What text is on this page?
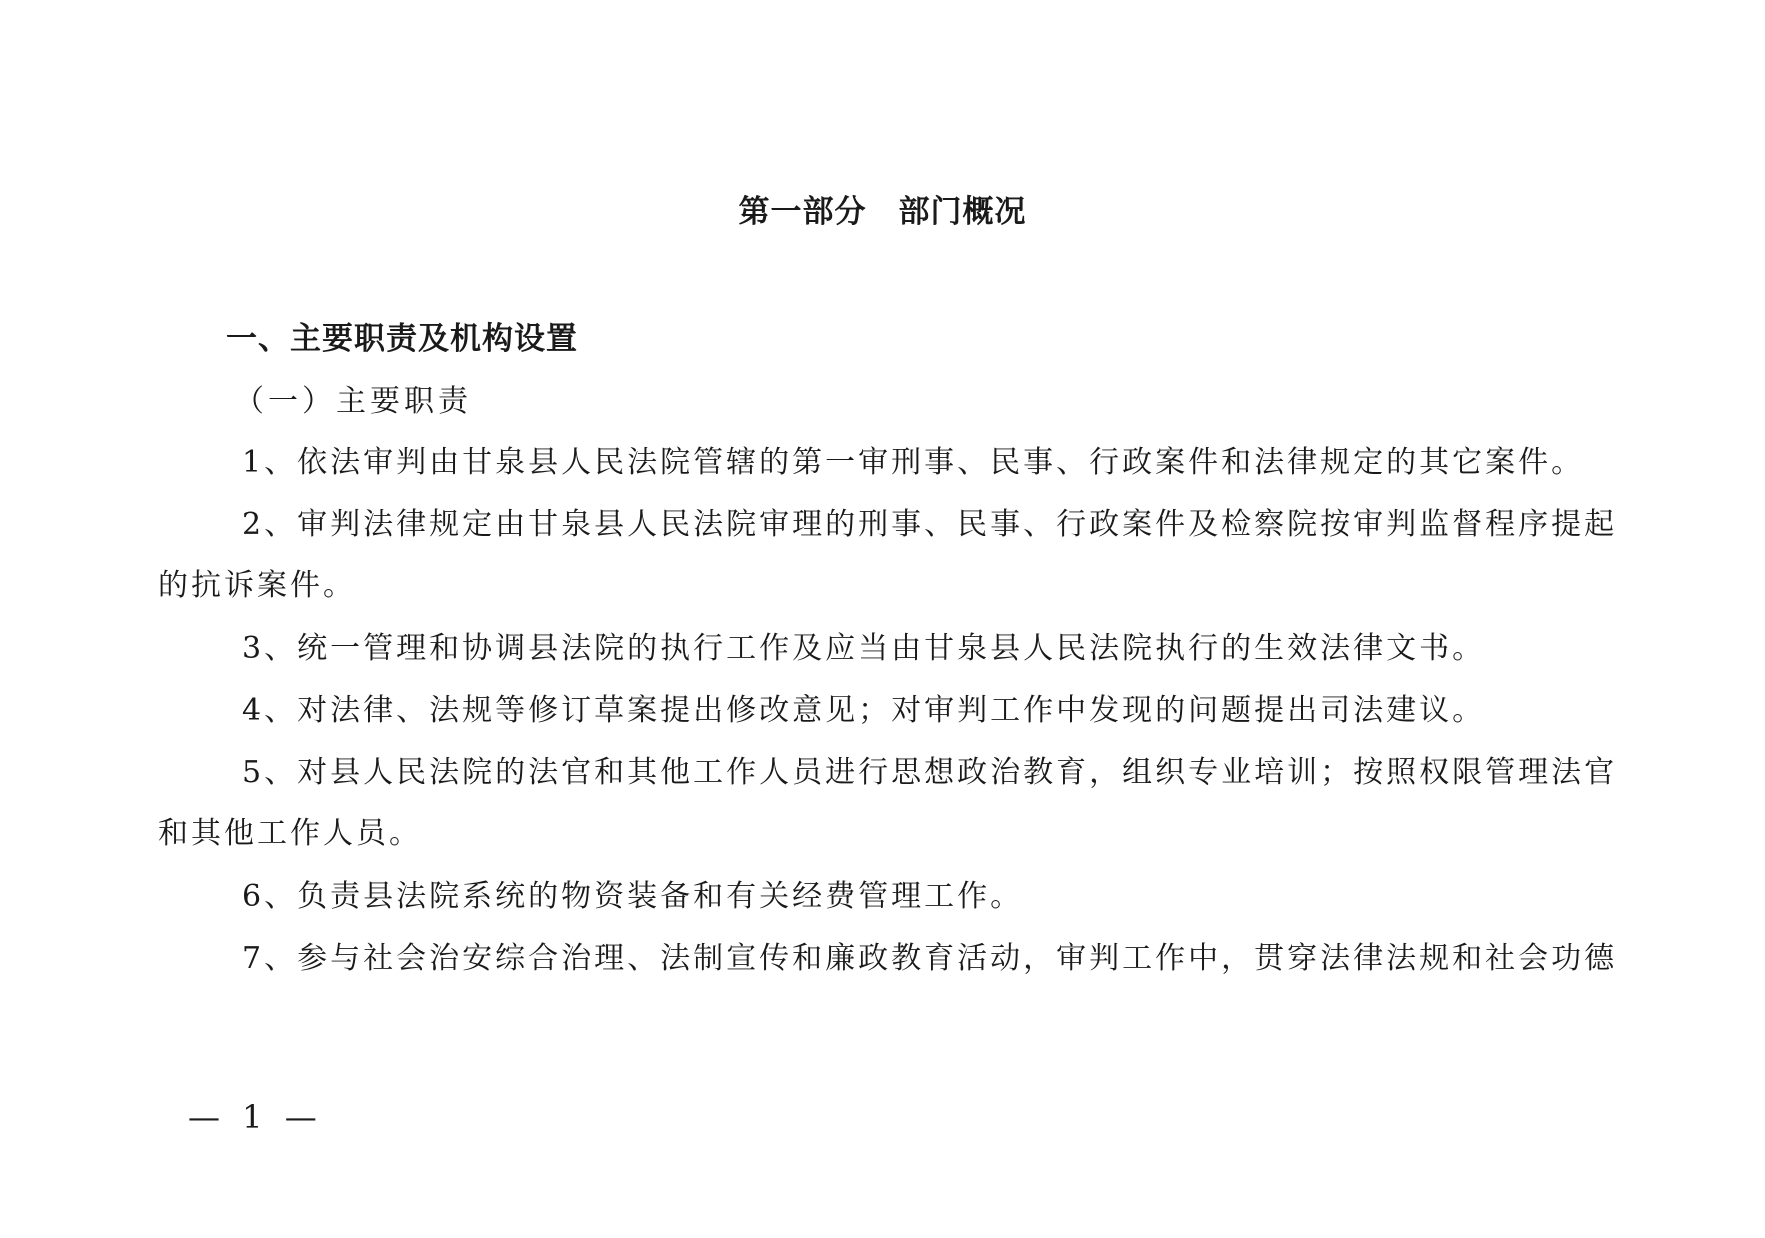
第一部分　部门概况
一、主要职责及机构设置
（一）主要职责

1、依法审判由甘泉县人民法院管辖的第一审刑事、民事、行政案件和法律规定的其它案件。

2、审判法律规定由甘泉县人民法院审理的刑事、民事、行政案件及检察院按审判监督程序提起的抗诉案件。

3、统一管理和协调县法院的执行工作及应当由甘泉县人民法院执行的生效法律文书。

4、对法律、法规等修订草案提出修改意见；对审判工作中发现的问题提出司法建议。

5、对县人民法院的法官和其他工作人员进行思想政治教育，组织专业培训；按照权限管理法官和其他工作人员。

6、负责县法院系统的物资装备和有关经费管理工作。

7、参与社会治安综合治理、法制宣传和廉政教育活动，审判工作中，贯穿法律法规和社会功德

— 1 —
